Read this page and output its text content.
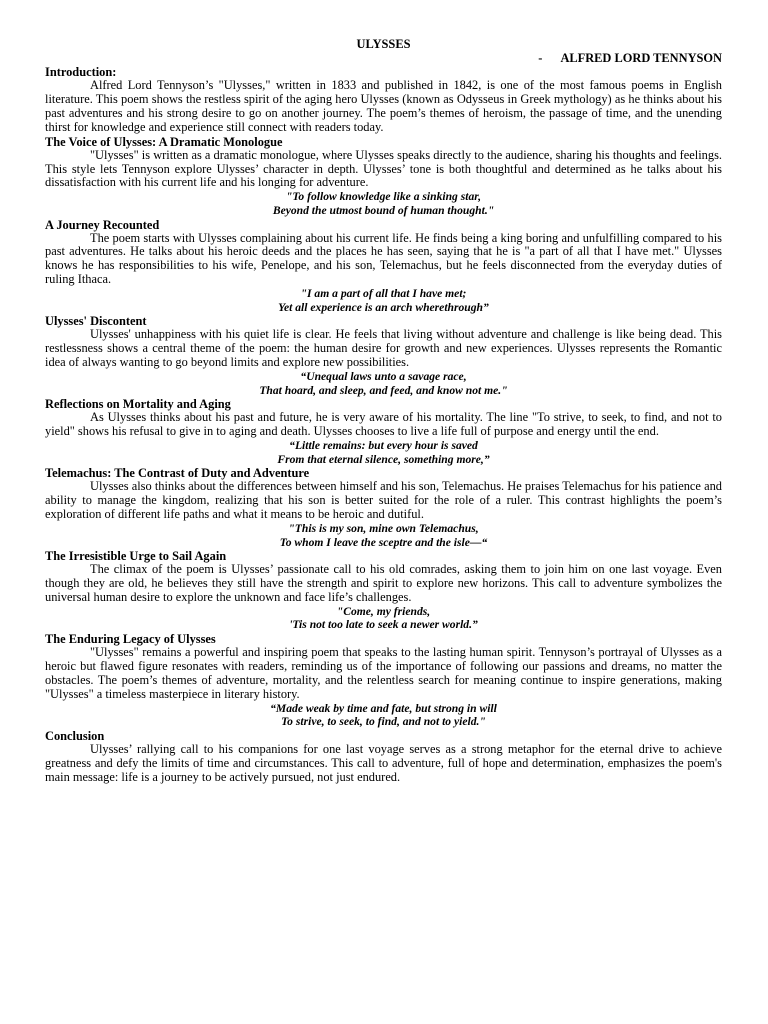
ULYSSES
- ALFRED LORD TENNYSON
Introduction:
Alfred Lord Tennyson’s "Ulysses," written in 1833 and published in 1842, is one of the most famous poems in English literature. This poem shows the restless spirit of the aging hero Ulysses (known as Odysseus in Greek mythology) as he thinks about his past adventures and his strong desire to go on another journey. The poem’s themes of heroism, the passage of time, and the unending thirst for knowledge and experience still connect with readers today.
The Voice of Ulysses: A Dramatic Monologue
"Ulysses" is written as a dramatic monologue, where Ulysses speaks directly to the audience, sharing his thoughts and feelings. This style lets Tennyson explore Ulysses’ character in depth. Ulysses’ tone is both thoughtful and determined as he talks about his dissatisfaction with his current life and his longing for adventure.
"To follow knowledge like a sinking star,
Beyond the utmost bound of human thought."
A Journey Recounted
The poem starts with Ulysses complaining about his current life. He finds being a king boring and unfulfilling compared to his past adventures. He talks about his heroic deeds and the places he has seen, saying that he is "a part of all that I have met." Ulysses knows he has responsibilities to his wife, Penelope, and his son, Telemachus, but he feels disconnected from the everyday duties of ruling Ithaca.
"I am a part of all that I have met;
Yet all experience is an arch wherethrough”
Ulysses' Discontent
Ulysses' unhappiness with his quiet life is clear. He feels that living without adventure and challenge is like being dead. This restlessness shows a central theme of the poem: the human desire for growth and new experiences. Ulysses represents the Romantic idea of always wanting to go beyond limits and explore new possibilities.
“Unequal laws unto a savage race,
That hoard, and sleep, and feed, and know not me."
Reflections on Mortality and Aging
As Ulysses thinks about his past and future, he is very aware of his mortality. The line "To strive, to seek, to find, and not to yield" shows his refusal to give in to aging and death. Ulysses chooses to live a life full of purpose and energy until the end.
“Little remains: but every hour is saved
From that eternal silence, something more,”
Telemachus: The Contrast of Duty and Adventure
Ulysses also thinks about the differences between himself and his son, Telemachus. He praises Telemachus for his patience and ability to manage the kingdom, realizing that his son is better suited for the role of a ruler. This contrast highlights the poem’s exploration of different life paths and what it means to be heroic and dutiful.
"This is my son, mine own Telemachus,
To whom I leave the sceptre and the isle—“
The Irresistible Urge to Sail Again
The climax of the poem is Ulysses’ passionate call to his old comrades, asking them to join him on one last voyage. Even though they are old, he believes they still have the strength and spirit to explore new horizons. This call to adventure symbolizes the universal human desire to explore the unknown and face life’s challenges.
"Come, my friends,
'Tis not too late to seek a newer world.”
The Enduring Legacy of Ulysses
"Ulysses" remains a powerful and inspiring poem that speaks to the lasting human spirit. Tennyson’s portrayal of Ulysses as a heroic but flawed figure resonates with readers, reminding us of the importance of following our passions and dreams, no matter the obstacles. The poem’s themes of adventure, mortality, and the relentless search for meaning continue to inspire generations, making "Ulysses" a timeless masterpiece in literary history.
“Made weak by time and fate, but strong in will
To strive, to seek, to find, and not to yield."
Conclusion
Ulysses’ rallying call to his companions for one last voyage serves as a strong metaphor for the eternal drive to achieve greatness and defy the limits of time and circumstances. This call to adventure, full of hope and determination, emphasizes the poem's main message: life is a journey to be actively pursued, not just endured.
